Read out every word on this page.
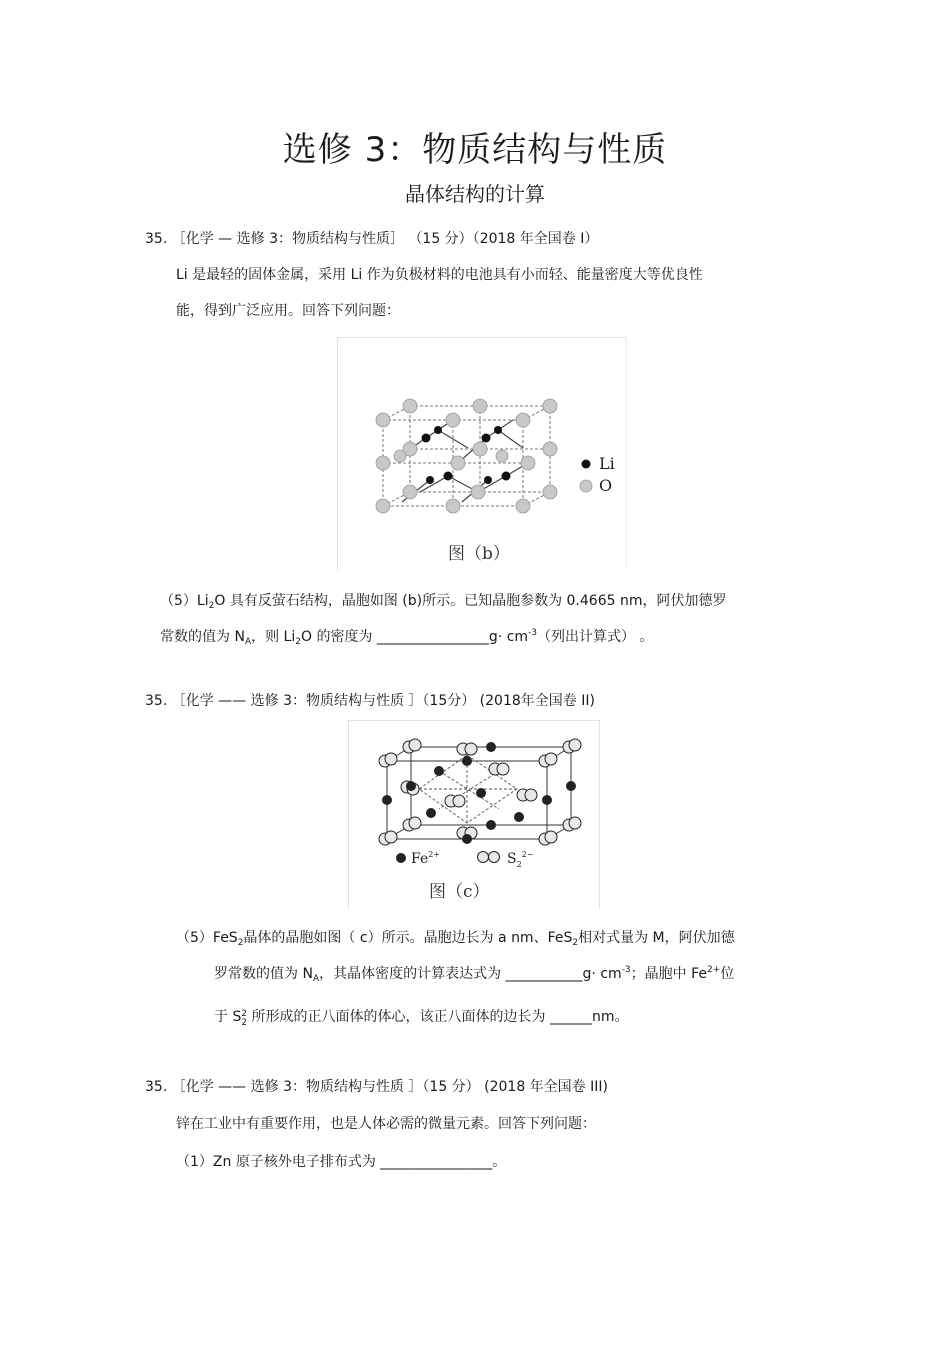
选修 3：物质结构与性质
晶体结构的计算
35. ［化学 — 选修 3：物质结构与性质］ （15 分）（2018 年全国卷 I）
Li 是最轻的固体金属，采用 Li 作为负极材料的电池具有小而轻、能量密度大等优良性
能，得到广泛应用。回答下列问题：
Li
O
图（b）
$(5)Li_2O$ 具有反萤石结构，晶胞如图 (b)所示。已知晶胞参数为 0.4665 nm，阿伏加德罗
常数的值为 $N_A$，则 $Li_2O$ 的密度为 ________________g· $cm^{-3}$（列出计算式） 。
35. ［化学 —— 选修 3：物质结构与性质 ］（15分） (2018年全国卷 II)
$Fe^{2+}$	$S_2^{2-}$
图（c）
（5）FeS$_2$晶体的晶胞如图（ c）所示。晶胞边长为 a nm、FeS$_2$相对式量为 M，阿伏加德
罗常数的值为 $N_A$，其晶体密度的计算表达式为 ___________g· $cm^{-3}$；晶胞中 $Fe^{2+}$位
于 S 2
2 所形成的正八面体的体心，该正八面体的边长为 ______nm。
35. ［化学 —— 选修 3：物质结构与性质 ］（15 分） (2018 年全国卷 III)
锌在工业中有重要作用，也是人体必需的微量元素。回答下列问题：
（1）Zn 原子核外电子排布式为 ________________。
